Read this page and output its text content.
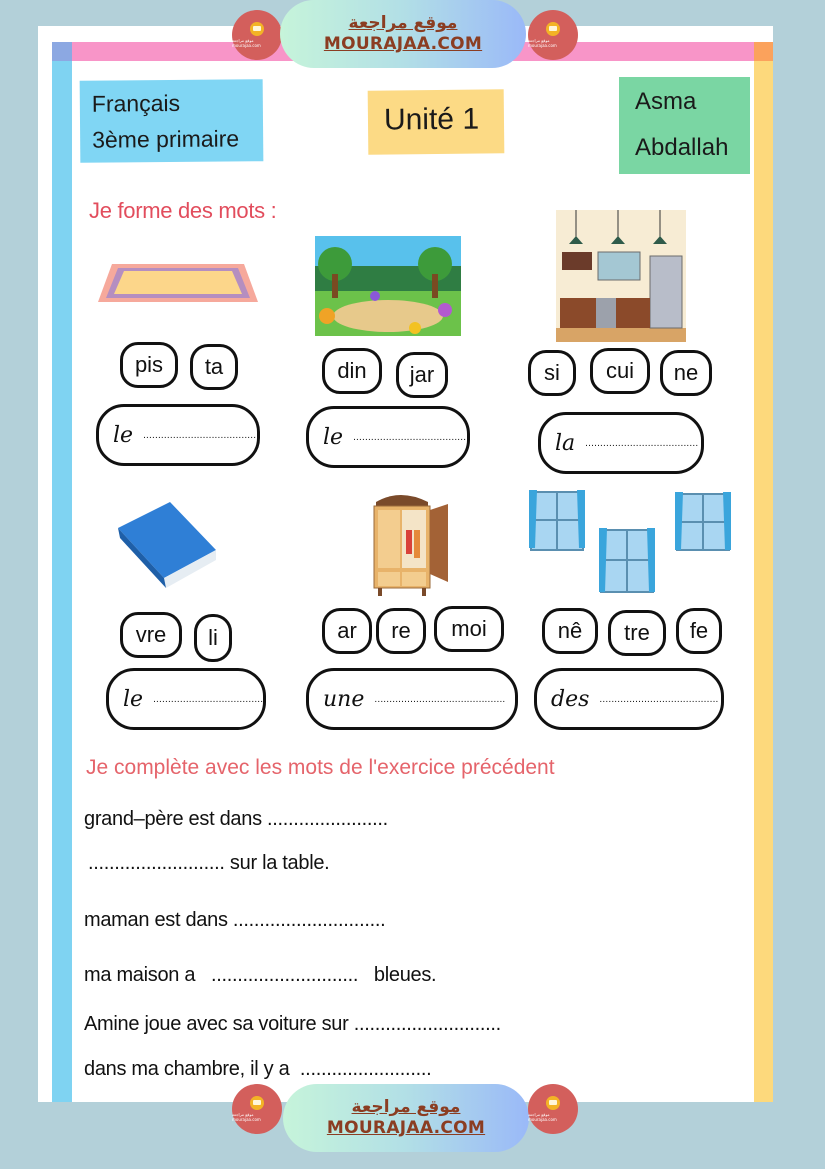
موقع مراجعة mourajaa.com
موقع مراجعة
MOURAJAA.COM	موقع مراجعة mourajaa.com
Français
3ème primaire
Unité 1
Asma
Abdallah
Je forme des mots :
pis	ta
le ......................................
din	jar
le ......................................
si	cui	ne
la ......................................
vre	li
le ......................................
ar	re	moi
une ............................................
nê	tre	fe
des ........................................
Je complète avec les mots de l'exercice précédent
grand–père est dans .......................
.......................... sur la table.
maman est dans .............................
ma maison a   ............................   bleues.
Amine joue avec sa voiture sur ............................
dans ma chambre, il y a  .........................
موقع مراجعة mourajaa.com
موقع مراجعة
MOURAJAA.COM
موقع مراجعة mourajaa.com
